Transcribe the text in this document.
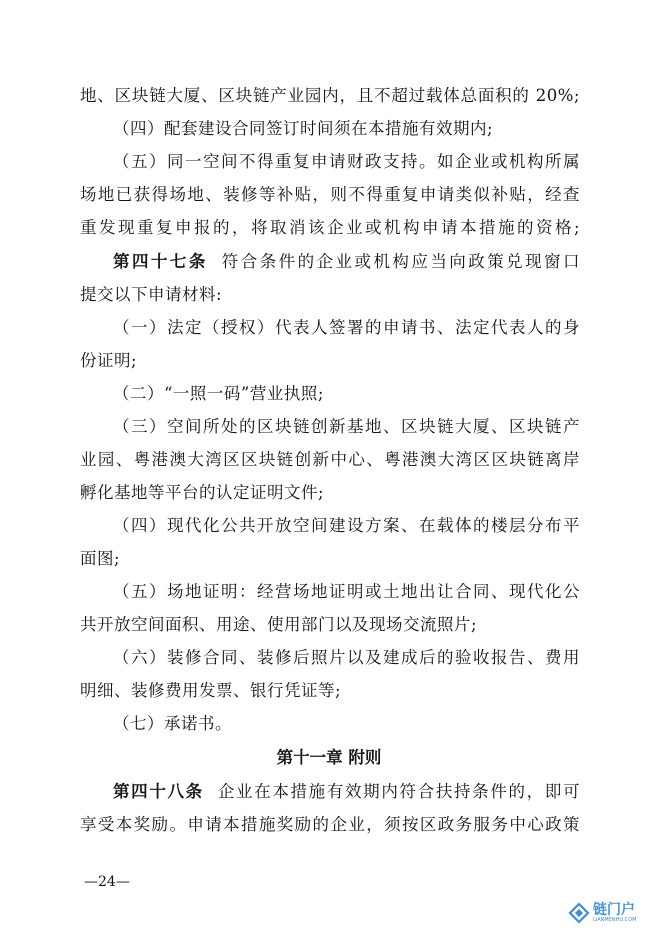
地、区块链大厦、区块链产业园内，且不超过载体总面积的 20%;
（四）配套建设合同签订时间须在本措施有效期内;
（五）同一空间不得重复申请财政支持。如企业或机构所属
场地已获得场地、装修等补贴，则不得重复申请类似补贴，经查
重发现重复申报的，将取消该企业或机构申请本措施的资格;
第四十七条 符合条件的企业或机构应当向政策兑现窗口
提交以下申请材料:
（一）法定（授权）代表人签署的申请书、法定代表人的身
份证明;
（二）“一照一码”营业执照;
（三）空间所处的区块链创新基地、区块链大厦、区块链产
业园、粤港澳大湾区区块链创新中心、粤港澳大湾区区块链离岸
孵化基地等平台的认定证明文件;
（四）现代化公共开放空间建设方案、在载体的楼层分布平
面图;
（五）场地证明：经营场地证明或土地出让合同、现代化公
共开放空间面积、用途、使用部门以及现场交流照片;
（六）装修合同、装修后照片以及建成后的验收报告、费用
明细、装修费用发票、银行凭证等;
（七）承诺书。
第十一章 附则
第四十八条 企业在本措施有效期内符合扶持条件的，即可
享受本奖励。申请本措施奖励的企业，须按区政务服务中心政策
—24—
链门户
LIANMENHU.COM
